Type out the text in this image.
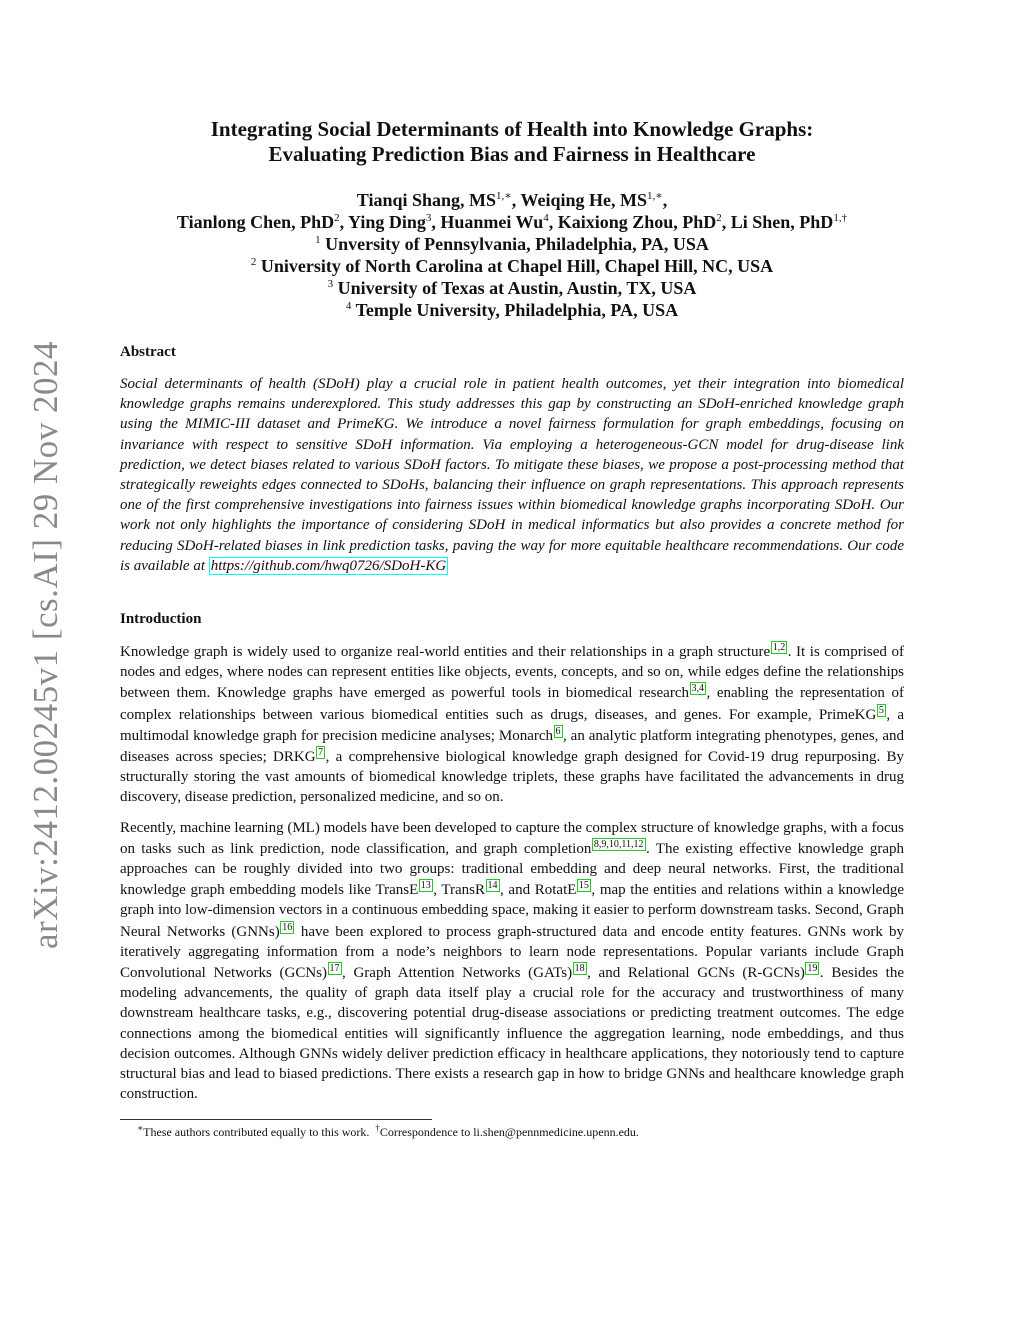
arXiv:2412.00245v1 [cs.AI] 29 Nov 2024
Integrating Social Determinants of Health into Knowledge Graphs:
Evaluating Prediction Bias and Fairness in Healthcare
Tianqi Shang, $MS^{1,∗}$, Weiqing He, $MS^{1,∗}$,
Tianlong Chen, PhD$^2$, Ying Ding$^3$, Huanmei Wu$^4$, Kaixiong Zhou, PhD$^2$, Li Shen, PhD$^{1,\dagger}$
$^1$ Unversity of Pennsylvania, Philadelphia, PA, USA
$^2$ University of North Carolina at Chapel Hill, Chapel Hill, NC, USA
$^3$ University of Texas at Austin, Austin, TX, USA
$^4$ Temple University, Philadelphia, PA, USA
Abstract
Social determinants of health (SDoH) play a crucial role in patient health outcomes, yet their integration into biomedical knowledge graphs remains underexplored. This study addresses this gap by constructing an SDoH-enriched knowledge graph using the MIMIC-III dataset and PrimeKG. We introduce a novel fairness formulation for graph embeddings, focusing on invariance with respect to sensitive SDoH information. Via employing a heterogeneous-GCN model for drug-disease link prediction, we detect biases related to various SDoH factors. To mitigate these biases, we propose a post-processing method that strategically reweights edges connected to SDoHs, balancing their influence on graph representations. This approach represents one of the first comprehensive investigations into fairness issues within biomedical knowledge graphs incorporating SDoH. Our work not only highlights the importance of considering SDoH in medical informatics but also provides a concrete method for reducing SDoH-related biases in link prediction tasks, paving the way for more equitable healthcare recommendations. Our code is available at https://github.com/hwq0726/SDoH-KG
Introduction

Knowledge graph is widely used to organize real-world entities and their relationships in a graph structure 1,2 . It is comprised of nodes and edges, where nodes can represent entities like objects, events, concepts, and so on, while edges define the relationships between them. Knowledge graphs have emerged as powerful tools in biomedical research 3,4 , enabling the representation of complex relationships between various biomedical entities such as drugs, diseases, and genes. For example, PrimeKG 5 , a multimodal knowledge graph for precision medicine analyses; Monarch 6 , an analytic platform integrating phenotypes, genes, and diseases across species; DRKG 7 , a comprehensive biological knowledge graph designed for Covid-19 drug repurposing. By structurally storing the vast amounts of biomedical knowledge triplets, these graphs have facilitated the advancements in drug discovery, disease prediction, personalized medicine, and so on.

Recently, machine learning (ML) models have been developed to capture the complex structure of knowledge graphs, with a focus on tasks such as link prediction, node classification, and graph completion 8,9,10,11,12 . The existing effective knowledge graph approaches can be roughly divided into two groups: traditional embedding and deep neural networks. First, the traditional knowledge graph embedding models like TransE 13 , TransR 14 , and RotatE 15 , map the entities and relations within a knowledge graph into low-dimension vectors in a continuous embedding space, making it easier to perform downstream tasks. Second, Graph Neural Networks (GNNs) 16 have been explored to process graph-structured data and encode entity features. GNNs work by iteratively aggregating information from a node’s neighbors to learn node representations. Popular variants include Graph Convolutional Networks (GCNs) 17 , Graph Attention Networks (GATs) 18 , and Relational GCNs (R-GCNs) 19 . Besides the modeling advancements, the quality of graph data itself play a crucial role for the accuracy and trustworthiness of many downstream healthcare tasks, e.g., discovering potential drug-disease associations or predicting treatment outcomes. The edge connections among the biomedical entities will significantly influence the aggregation learning, node embeddings, and thus decision outcomes. Although GNNs widely deliver prediction efficacy in healthcare applications, they notoriously tend to capture structural bias and lead to biased predictions. There exists a research gap in how to bridge GNNs and healthcare knowledge graph construction.

∗These authors contributed equally to this work. †Correspondence to li.shen@pennmedicine.upenn.edu.
